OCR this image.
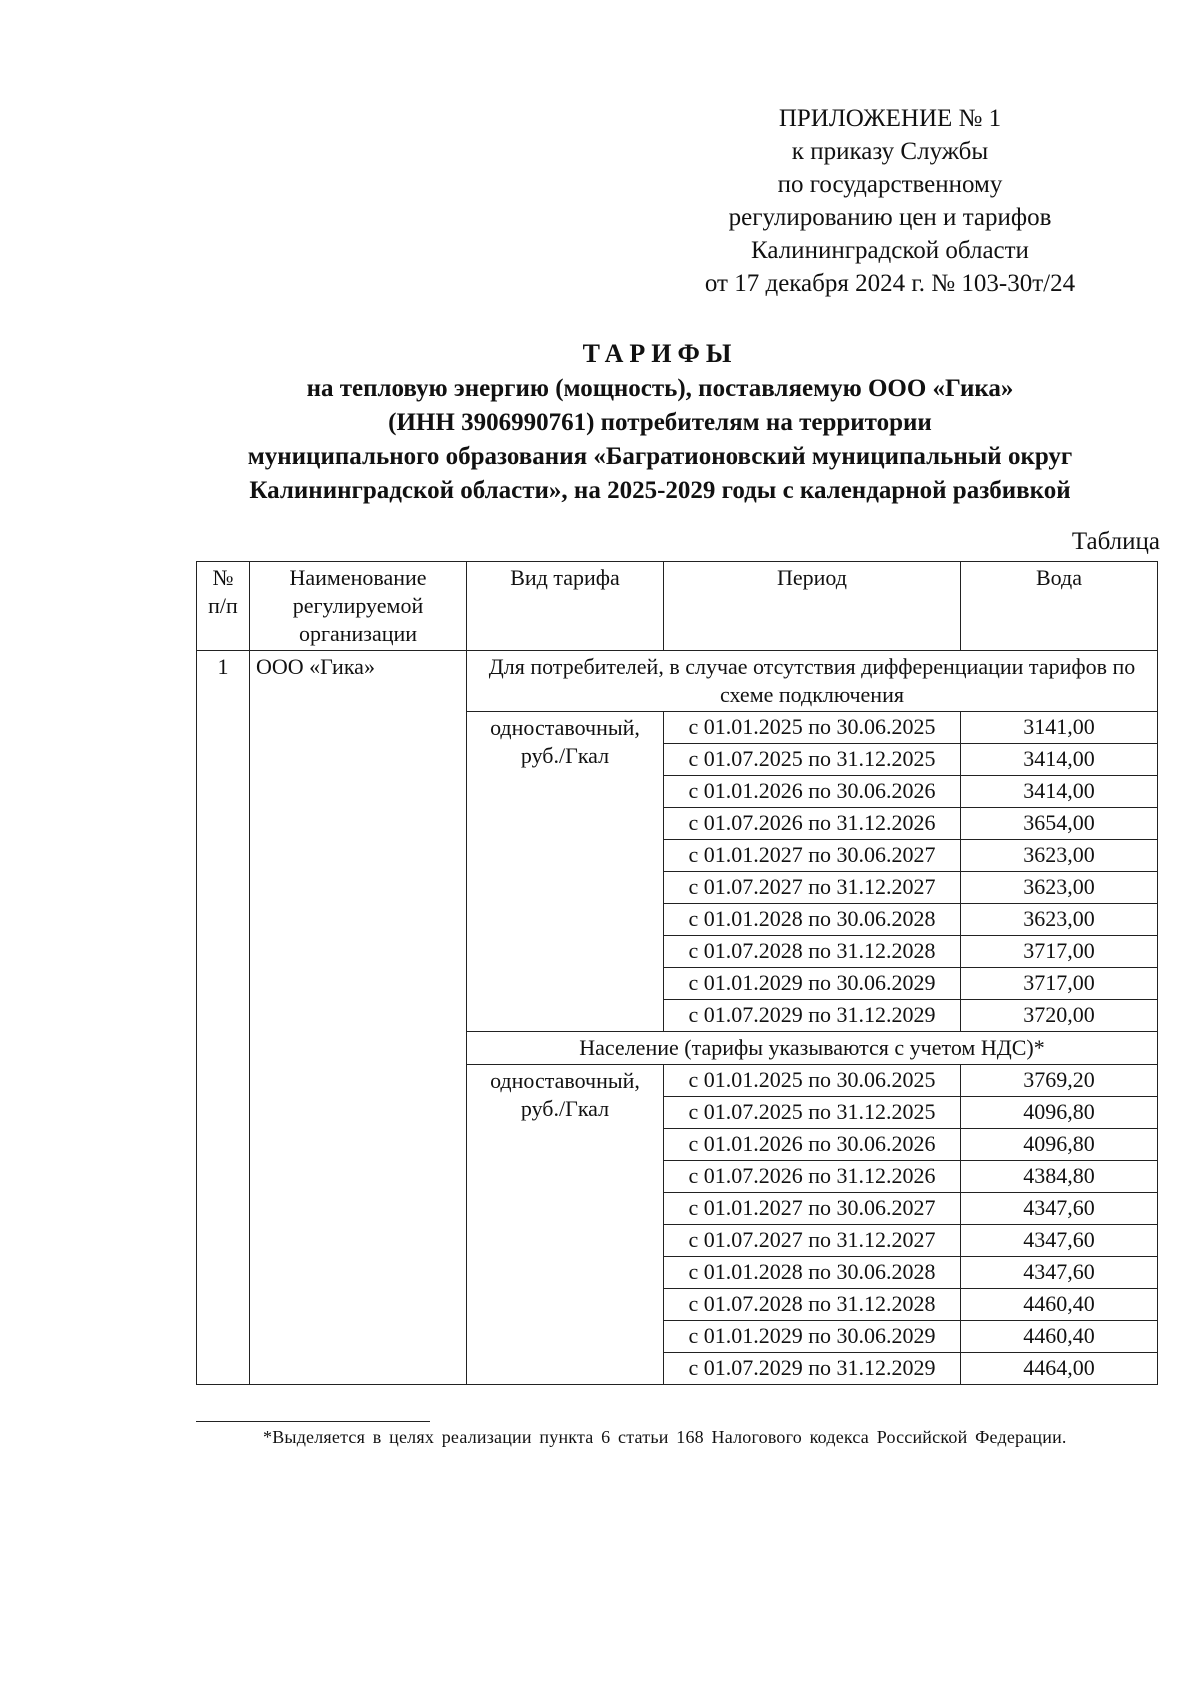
ПРИЛОЖЕНИЕ № 1
к приказу Службы
по государственному
регулированию цен и тарифов
Калининградской области
от 17 декабря 2024 г. № 103-30т/24
ТАРИФЫ
на тепловую энергию (мощность), поставляемую ООО «Гика»
(ИНН 3906990761) потребителям на территории
муниципального образования «Багратионовский муниципальный округ
Калининградской области», на 2025-2029 годы с календарной разбивкой
Таблица
№ п/п	Наименование регулируемой организации	Вид тарифа	Период	Вода
1	ООО «Гика»	Для потребителей, в случае отсутствия дифференциации тарифов по схеме подключения		
		одноставочный,
руб./Гкал	с 01.01.2025 по 30.06.2025	3141,00
			с 01.07.2025 по 31.12.2025	3414,00
			с 01.01.2026 по 30.06.2026	3414,00
			с 01.07.2026 по 31.12.2026	3654,00
			с 01.01.2027 по 30.06.2027	3623,00
			с 01.07.2027 по 31.12.2027	3623,00
			с 01.01.2028 по 30.06.2028	3623,00
			с 01.07.2028 по 31.12.2028	3717,00
			с 01.01.2029 по 30.06.2029	3717,00
			с 01.07.2029 по 31.12.2029	3720,00
		Население (тарифы указываются с учетом НДС)*		
		одноставочный,
руб./Гкал	с 01.01.2025 по 30.06.2025	3769,20
			с 01.07.2025 по 31.12.2025	4096,80
			с 01.01.2026 по 30.06.2026	4096,80
			с 01.07.2026 по 31.12.2026	4384,80
			с 01.01.2027 по 30.06.2027	4347,60
			с 01.07.2027 по 31.12.2027	4347,60
			с 01.01.2028 по 30.06.2028	4347,60
			с 01.07.2028 по 31.12.2028	4460,40
			с 01.01.2029 по 30.06.2029	4460,40
			с 01.07.2029 по 31.12.2029	4464,00
*Выделяется в целях реализации пункта 6 статьи 168 Налогового кодекса Российской Федерации.
